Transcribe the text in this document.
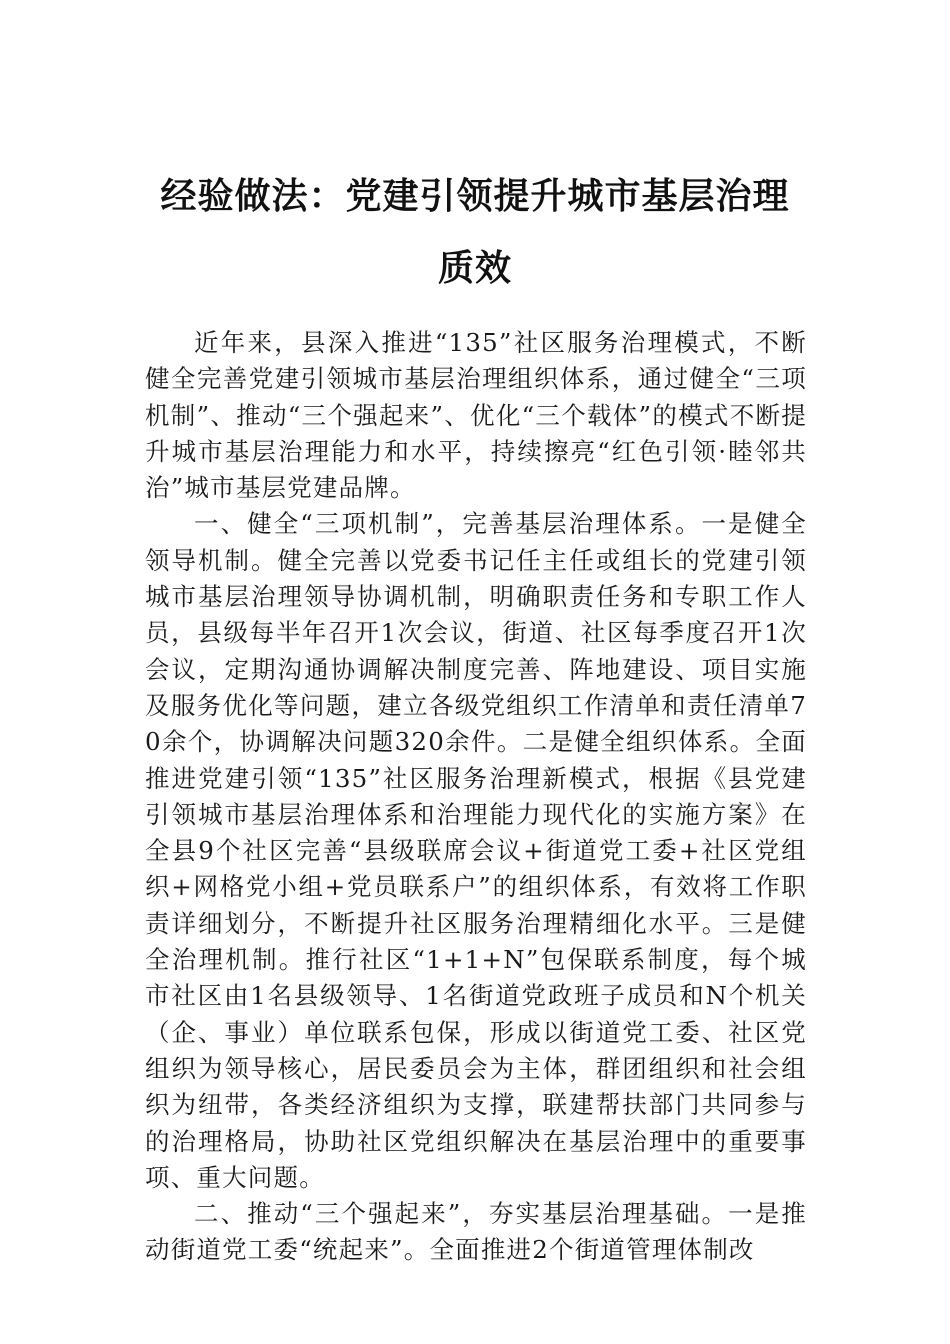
经验做法：党建引领提升城市基层治理质效

近年来，县深入推进“135”社区服务治理模式，不断健全完善党建引领城市基层治理组织体系，通过健全“三项机制”、推动“三个强起来”、优化“三个载体”的模式不断提升城市基层治理能力和水平，持续擦亮“红色引领·睦邻共治”城市基层党建品牌。

一、健全“三项机制”，完善基层治理体系。一是健全领导机制。健全完善以党委书记任主任或组长的党建引领城市基层治理领导协调机制，明确职责任务和专职工作人员，县级每半年召开1次会议，街道、社区每季度召开1次会议，定期沟通协调解决制度完善、阵地建设、项目实施及服务优化等问题，建立各级党组织工作清单和责任清单70余个，协调解决问题320余件。二是健全组织体系。全面推进党建引领“135”社区服务治理新模式，根据《县党建引领城市基层治理体系和治理能力现代化的实施方案》在全县9个社区完善“县级联席会议+街道党工委+社区党组织+网格党小组+党员联系户”的组织体系，有效将工作职责详细划分，不断提升社区服务治理精细化水平。三是健全治理机制。推行社区“1+1+N”包保联系制度，每个城市社区由1名县级领导、1名街道党政班子成员和N个机关（企、事业）单位联系包保，形成以街道党工委、社区党组织为领导核心，居民委员会为主体，群团组织和社会组织为纽带，各类经济组织为支撑，联建帮扶部门共同参与的治理格局，协助社区党组织解决在基层治理中的重要事项、重大问题。

二、推动“三个强起来”，夯实基层治理基础。一是推动街道党工委“统起来”。全面推进2个街道管理体制改
